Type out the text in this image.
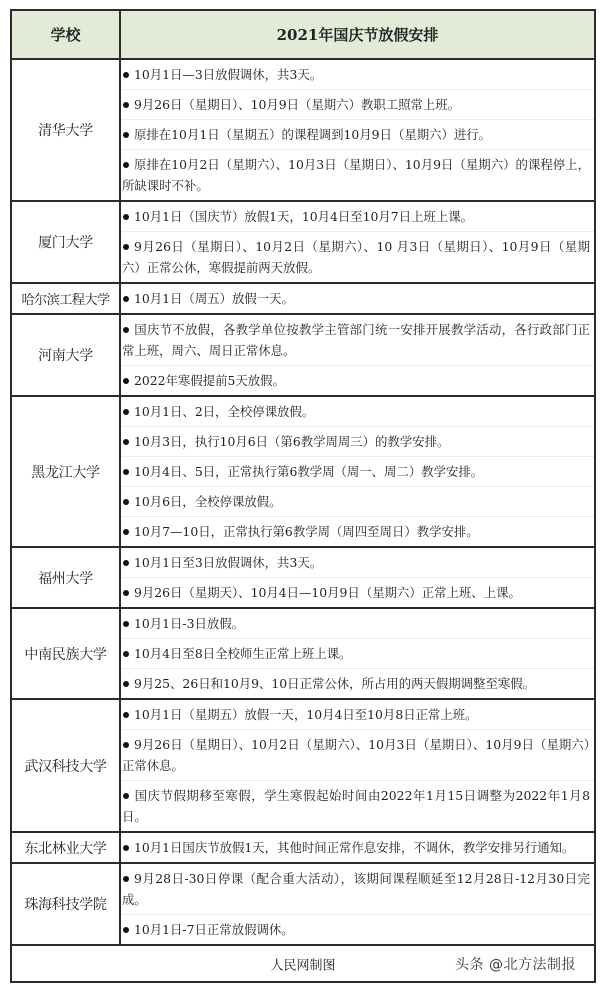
学校	2021年国庆节放假安排
清华大学	10月1日—3日放假调休，共3天。
9月26日（星期日）、10月9日（星期六）教职工照常上班。
原排在10月1日（星期五）的课程调到10月9日（星期六）进行。
原排在10月2日（星期六）、10月3日（星期日）、10月9日（星期六）的课程停上，所缺课时不补。

厦门大学	10月1日（国庆节）放假1天，10月4日至10月7日上班上课。
9月26日（星期日）、10月2日（星期六）、10 月3日（星期日）、10月9日（星期六）正常公休，寒假提前两天放假。

哈尔滨工程大学	10月1日（周五）放假一天。

河南大学	国庆节不放假，各教学单位按教学主管部门统一安排开展教学活动，各行政部门正常上班，周六、周日正常休息。
2022年寒假提前5天放假。

黑龙江大学	10月1日、2日，全校停课放假。
10月3日，执行10月6日（第6教学周周三）的教学安排。
10月4日、5日，正常执行第6教学周（周一、周二）教学安排。
10月6日，全校停课放假。
10月7—10日，正常执行第6教学周（周四至周日）教学安排。

福州大学	10月1日至3日放假调休，共3天。
9月26日（星期天）、10月4日—10月9日（星期六）正常上班、上课。

中南民族大学	10月1日-3日放假。
10月4日至8日全校师生正常上班上课。
9月25、26日和10月9、10日正常公休，所占用的两天假期调整至寒假。

武汉科技大学	10月1日（星期五）放假一天，10月4日至10月8日正常上班。
9月26日（星期日）、10月2日（星期六）、10月3日（星期日）、10月9日（星期六）正常休息。
国庆节假期移至寒假，学生寒假起始时间由2022年1月15日调整为2022年1月8日。

东北林业大学	10月1日国庆节放假1天，其他时间正常作息安排，不调休，教学安排另行通知。

珠海科技学院	9月28日-30日停课（配合重大活动），该期间课程顺延至12月28日-12月30日完成。
10月1日-7日正常放假调休。

人民网制图 头条 @北方法制报	
